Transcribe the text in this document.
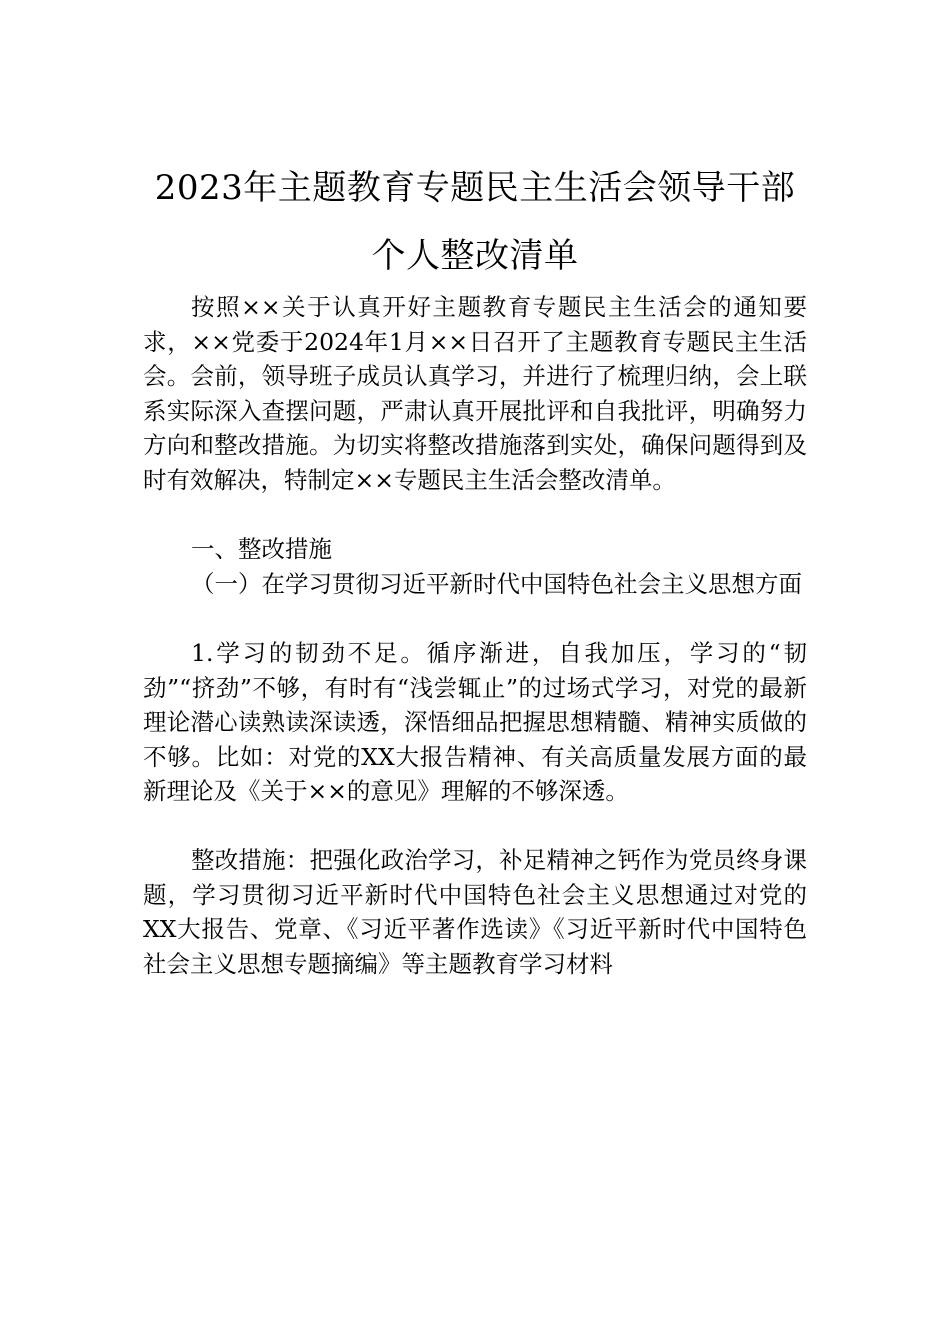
2023年主题教育专题民主生活会领导干部
个人整改清单

按照××关于认真开好主题教育专题民主生活会的通知要求，××党委于2024年1月××日召开了主题教育专题民主生活会。会前，领导班子成员认真学习，并进行了梳理归纳，会上联系实际深入查摆问题，严肃认真开展批评和自我批评，明确努力方向和整改措施。为切实将整改措施落到实处，确保问题得到及时有效解决，特制定××专题民主生活会整改清单。

一、整改措施

（一）在学习贯彻习近平新时代中国特色社会主义思想方面

1.学习的韧劲不足。循序渐进，自我加压，学习的“韧劲”“挤劲”不够，有时有“浅尝辄止”的过场式学习，对党的最新理论潜心读熟读深读透，深悟细品把握思想精髓、精神实质做的不够。比如：对党的XX大报告精神、有关高质量发展方面的最新理论及《关于××的意见》理解的不够深透。

整改措施：把强化政治学习，补足精神之钙作为党员终身课题，学习贯彻习近平新时代中国特色社会主义思想通过对党的XX大报告、党章、《习近平著作选读》《习近平新时代中国特色社会主义思想专题摘编》等主题教育学习材料
